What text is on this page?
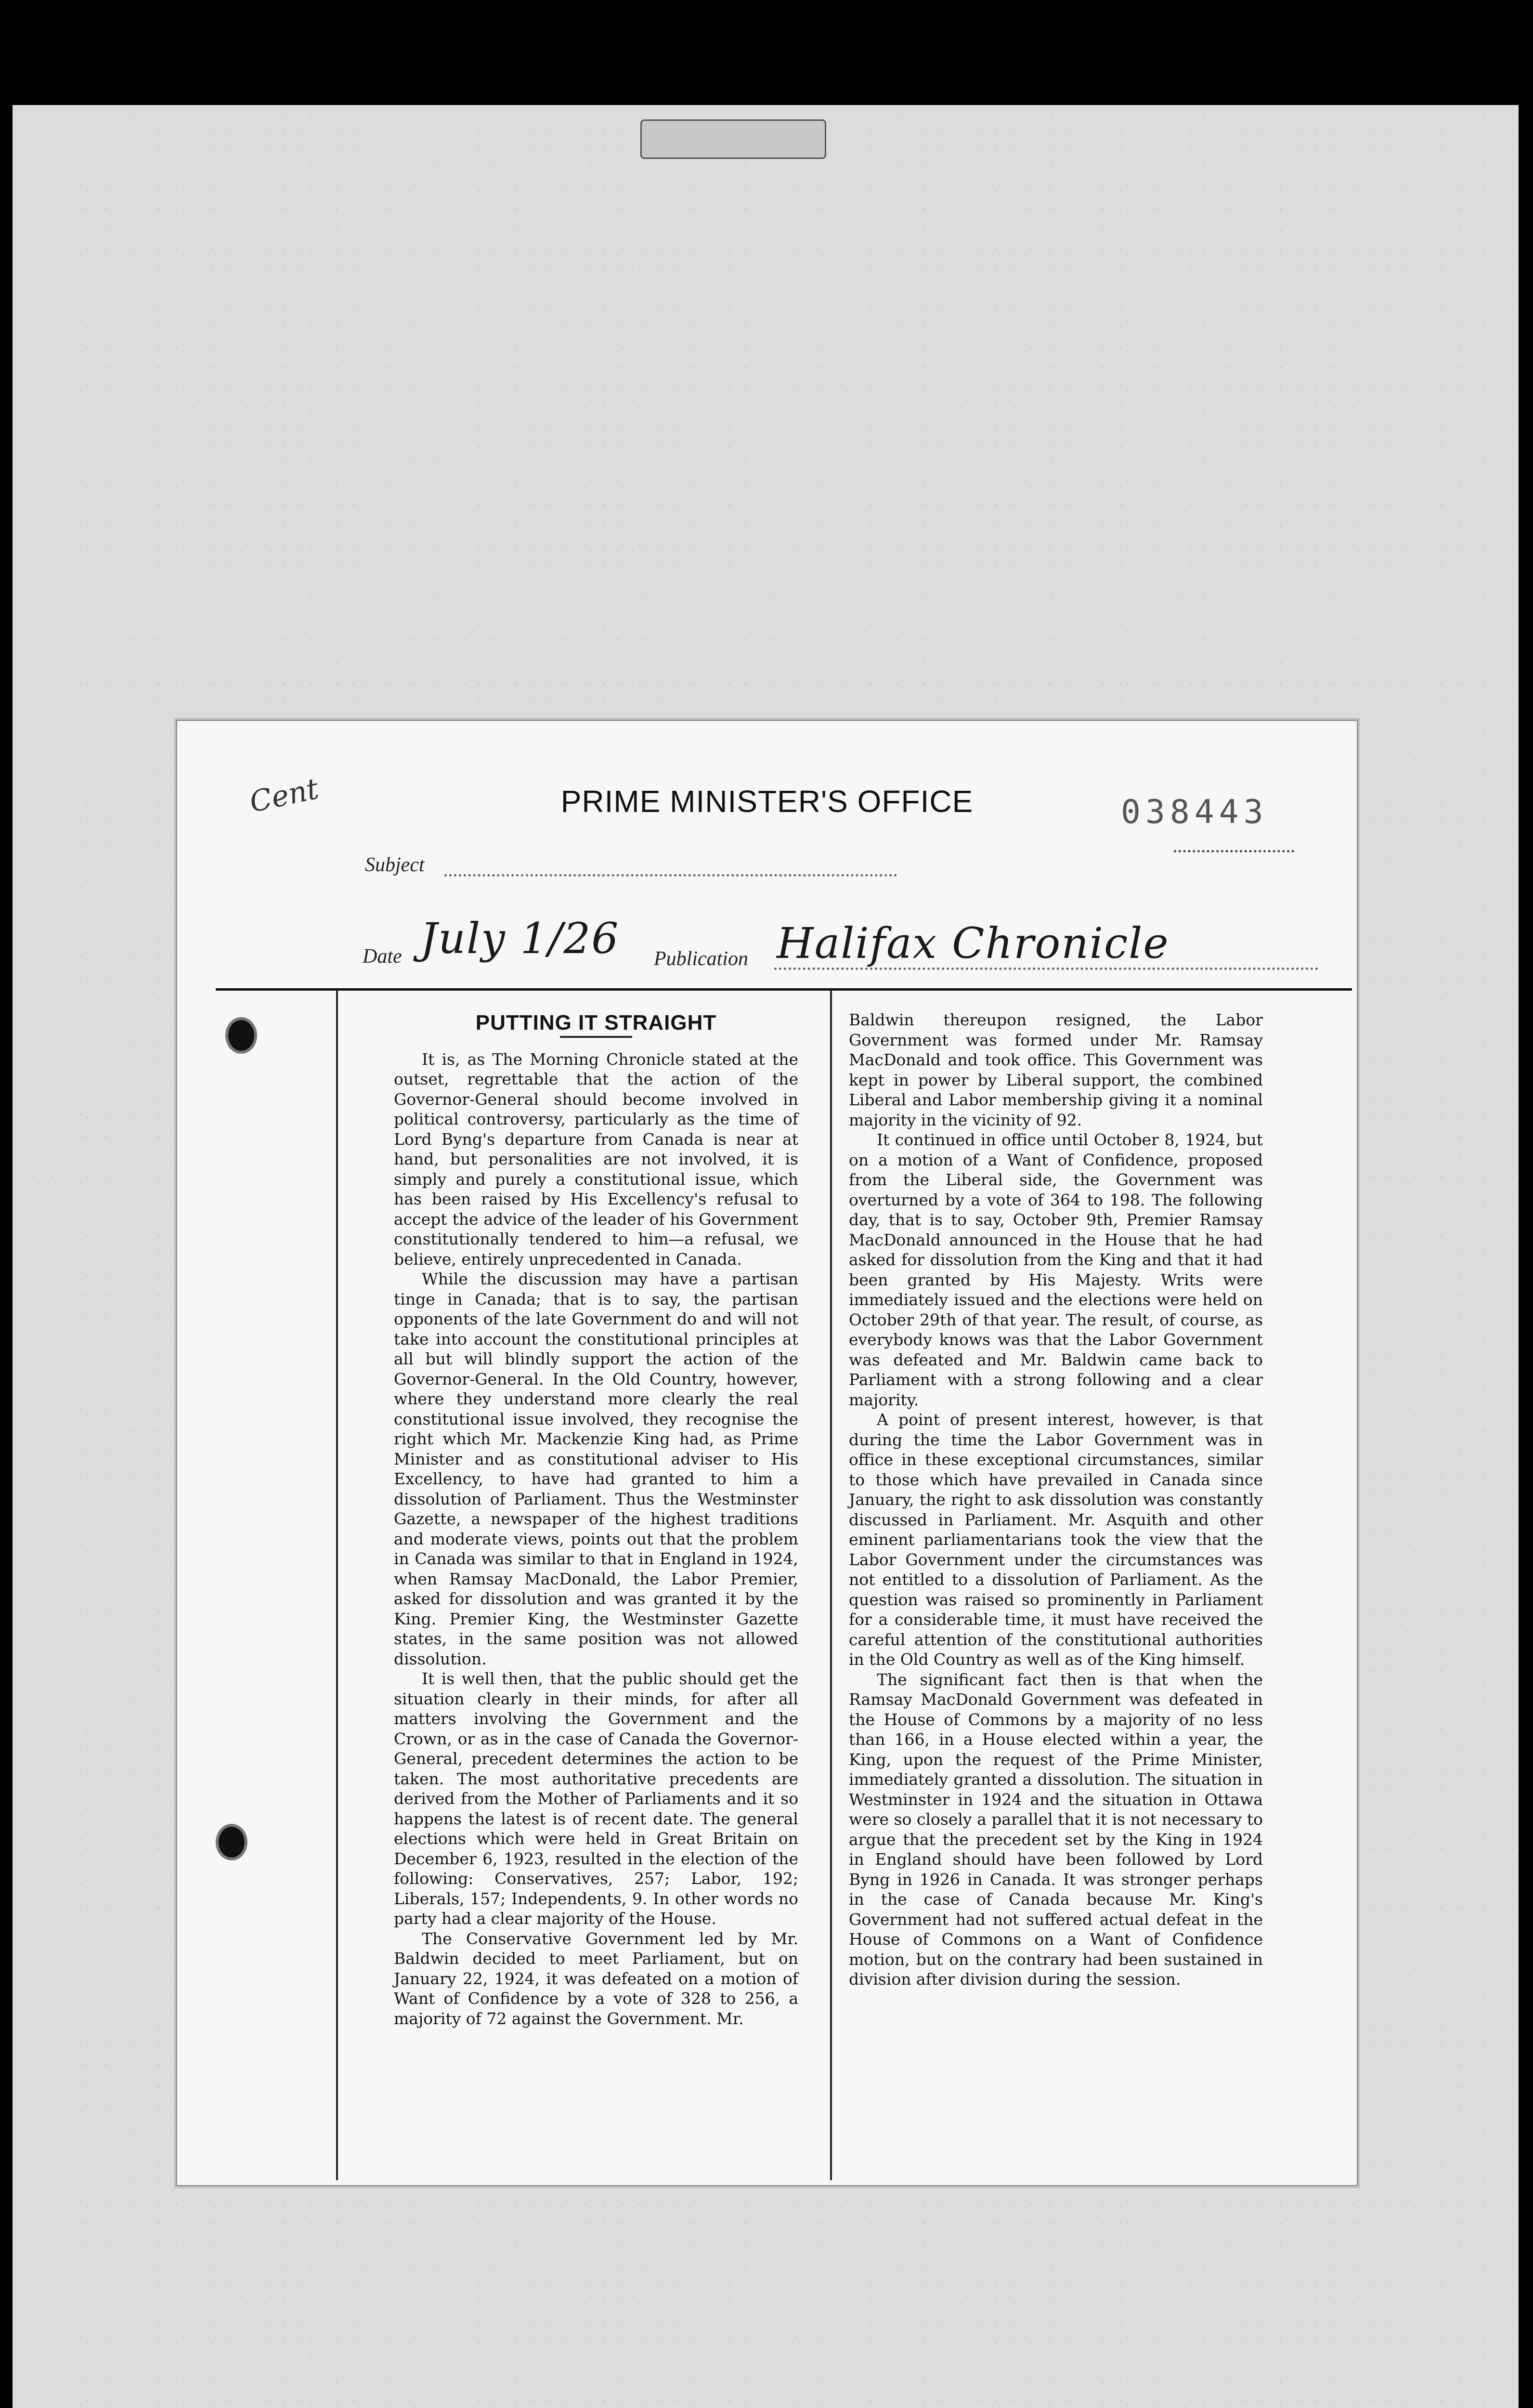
Cent	PRIME MINISTER'S OFFICE	038443
Subject
Date July 1/26 Publication Halifax Chronicle
PUTTING IT STRAIGHT

It is, as The Morning Chronicle stated at the outset, regrettable that the action of the Governor-General should become involved in political controversy, particularly as the time of Lord Byng's departure from Canada is near at hand, but personalities are not involved, it is simply and purely a constitutional issue, which has been raised by His Excellency's refusal to accept the advice of the leader of his Government constitutionally tendered to him—a refusal, we believe, entirely unprecedented in Canada.

While the discussion may have a partisan tinge in Canada; that is to say, the partisan opponents of the late Government do and will not take into account the constitutional principles at all but will blindly support the action of the Governor-General. In the Old Country, however, where they understand more clearly the real constitutional issue involved, they recognise the right which Mr. Mackenzie King had, as Prime Minister and as constitutional adviser to His Excellency, to have had granted to him a dissolution of Parliament. Thus the Westminster Gazette, a newspaper of the highest traditions and moderate views, points out that the problem in Canada was similar to that in England in 1924, when Ramsay MacDonald, the Labor Premier, asked for dissolution and was granted it by the King. Premier King, the Westminster Gazette states, in the same position was not allowed dissolution.

It is well then, that the public should get the situation clearly in their minds, for after all matters involving the Government and the Crown, or as in the case of Canada the Governor-General, precedent determines the action to be taken. The most authoritative precedents are derived from the Mother of Parliaments and it so happens the latest is of recent date. The general elections which were held in Great Britain on December 6, 1923, resulted in the election of the following: Conservatives, 257; Labor, 192; Liberals, 157; Independents, 9. In other words no party had a clear majority of the House.

The Conservative Government led by Mr. Baldwin decided to meet Parliament, but on January 22, 1924, it was defeated on a motion of Want of Confidence by a vote of 328 to 256, a majority of 72 against the Government. Mr.

Baldwin thereupon resigned, the Labor Government was formed under Mr. Ramsay MacDonald and took office. This Government was kept in power by Liberal support, the combined Liberal and Labor membership giving it a nominal majority in the vicinity of 92.

It continued in office until October 8, 1924, but on a motion of a Want of Confidence, proposed from the Liberal side, the Government was overturned by a vote of 364 to 198. The following day, that is to say, October 9th, Premier Ramsay MacDonald announced in the House that he had asked for dissolution from the King and that it had been granted by His Majesty. Writs were immediately issued and the elections were held on October 29th of that year. The result, of course, as everybody knows was that the Labor Government was defeated and Mr. Baldwin came back to Parliament with a strong following and a clear majority.

A point of present interest, however, is that during the time the Labor Government was in office in these exceptional circumstances, similar to those which have prevailed in Canada since January, the right to ask dissolution was constantly discussed in Parliament. Mr. Asquith and other eminent parliamentarians took the view that the Labor Government under the circumstances was not entitled to a dissolution of Parliament. As the question was raised so prominently in Parliament for a considerable time, it must have received the careful attention of the constitutional authorities in the Old Country as well as of the King himself.

The significant fact then is that when the Ramsay MacDonald Government was defeated in the House of Commons by a majority of no less than 166, in a House elected within a year, the King, upon the request of the Prime Minister, immediately granted a dissolution. The situation in Westminster in 1924 and the situation in Ottawa were so closely a parallel that it is not necessary to argue that the precedent set by the King in 1924 in England should have been followed by Lord Byng in 1926 in Canada. It was stronger perhaps in the case of Canada because Mr. King's Government had not suffered actual defeat in the House of Commons on a Want of Confidence motion, but on the contrary had been sustained in division after division during the session.
